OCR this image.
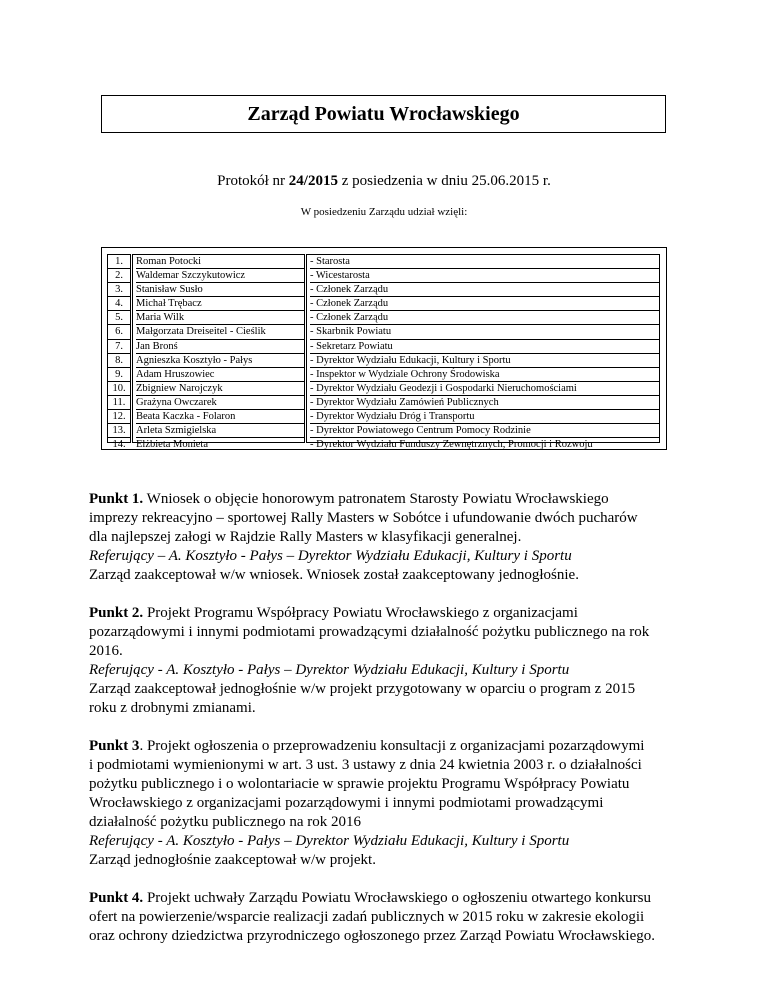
Zarząd Powiatu Wrocławskiego
Protokół nr 24/2015 z posiedzenia w dniu 25.06.2015 r.
W posiedzeniu Zarządu udział wzięli:
1.
2.
3.
4.
5.
6.
7.
8.
9.
10.
11.
12.
13.
14.
Roman Potocki
Waldemar Szczykutowicz
Stanisław Susło
Michał Trębacz
Maria Wilk
Małgorzata Dreiseitel - Cieślik
Jan Bronś
Agnieszka Kosztyło - Pałys
Adam Hruszowiec
Zbigniew Narojczyk
Grażyna Owczarek
Beata Kaczka - Folaron
Arleta Szmigielska
Elżbieta Monieta
- Starosta
- Wicestarosta
- Członek Zarządu
- Członek Zarządu
- Członek Zarządu
- Skarbnik Powiatu
- Sekretarz Powiatu
- Dyrektor Wydziału Edukacji, Kultury i Sportu
- Inspektor w Wydziale Ochrony Środowiska
- Dyrektor Wydziału Geodezji i Gospodarki Nieruchomościami
- Dyrektor Wydziału Zamówień Publicznych
- Dyrektor Wydziału Dróg i Transportu
- Dyrektor Powiatowego Centrum Pomocy Rodzinie
- Dyrektor Wydziału Funduszy Zewnętrznych, Promocji i Rozwoju
Punkt 1. Wniosek o objęcie honorowym patronatem Starosty Powiatu Wrocławskiego
imprezy rekreacyjno – sportowej Rally Masters w Sobótce i ufundowanie dwóch pucharów
dla najlepszej załogi w Rajdzie Rally Masters w klasyfikacji generalnej.
Referujący – A. Kosztyło - Pałys – Dyrektor Wydziału Edukacji, Kultury i Sportu
Zarząd zaakceptował w/w wniosek. Wniosek został zaakceptowany jednogłośnie.
Punkt 2. Projekt Programu Współpracy Powiatu Wrocławskiego z organizacjami
pozarządowymi i innymi podmiotami prowadzącymi działalność pożytku publicznego na rok
2016.
Referujący - A. Kosztyło - Pałys – Dyrektor Wydziału Edukacji, Kultury i Sportu
Zarząd zaakceptował jednogłośnie w/w projekt przygotowany w oparciu o program z 2015
roku z drobnymi zmianami.
Punkt 3. Projekt ogłoszenia o przeprowadzeniu konsultacji z organizacjami pozarządowymi
i podmiotami wymienionymi w art. 3 ust. 3 ustawy z dnia 24 kwietnia 2003 r. o działalności
pożytku publicznego i o wolontariacie w sprawie projektu Programu Współpracy Powiatu
Wrocławskiego z organizacjami pozarządowymi i innymi podmiotami prowadzącymi
działalność pożytku publicznego na rok 2016
Referujący - A. Kosztyło - Pałys – Dyrektor Wydziału Edukacji, Kultury i Sportu
Zarząd jednogłośnie zaakceptował w/w projekt.
Punkt 4. Projekt uchwały Zarządu Powiatu Wrocławskiego o ogłoszeniu otwartego konkursu
ofert na powierzenie/wsparcie realizacji zadań publicznych w 2015 roku w zakresie ekologii
oraz ochrony dziedzictwa przyrodniczego ogłoszonego przez Zarząd Powiatu Wrocławskiego.
